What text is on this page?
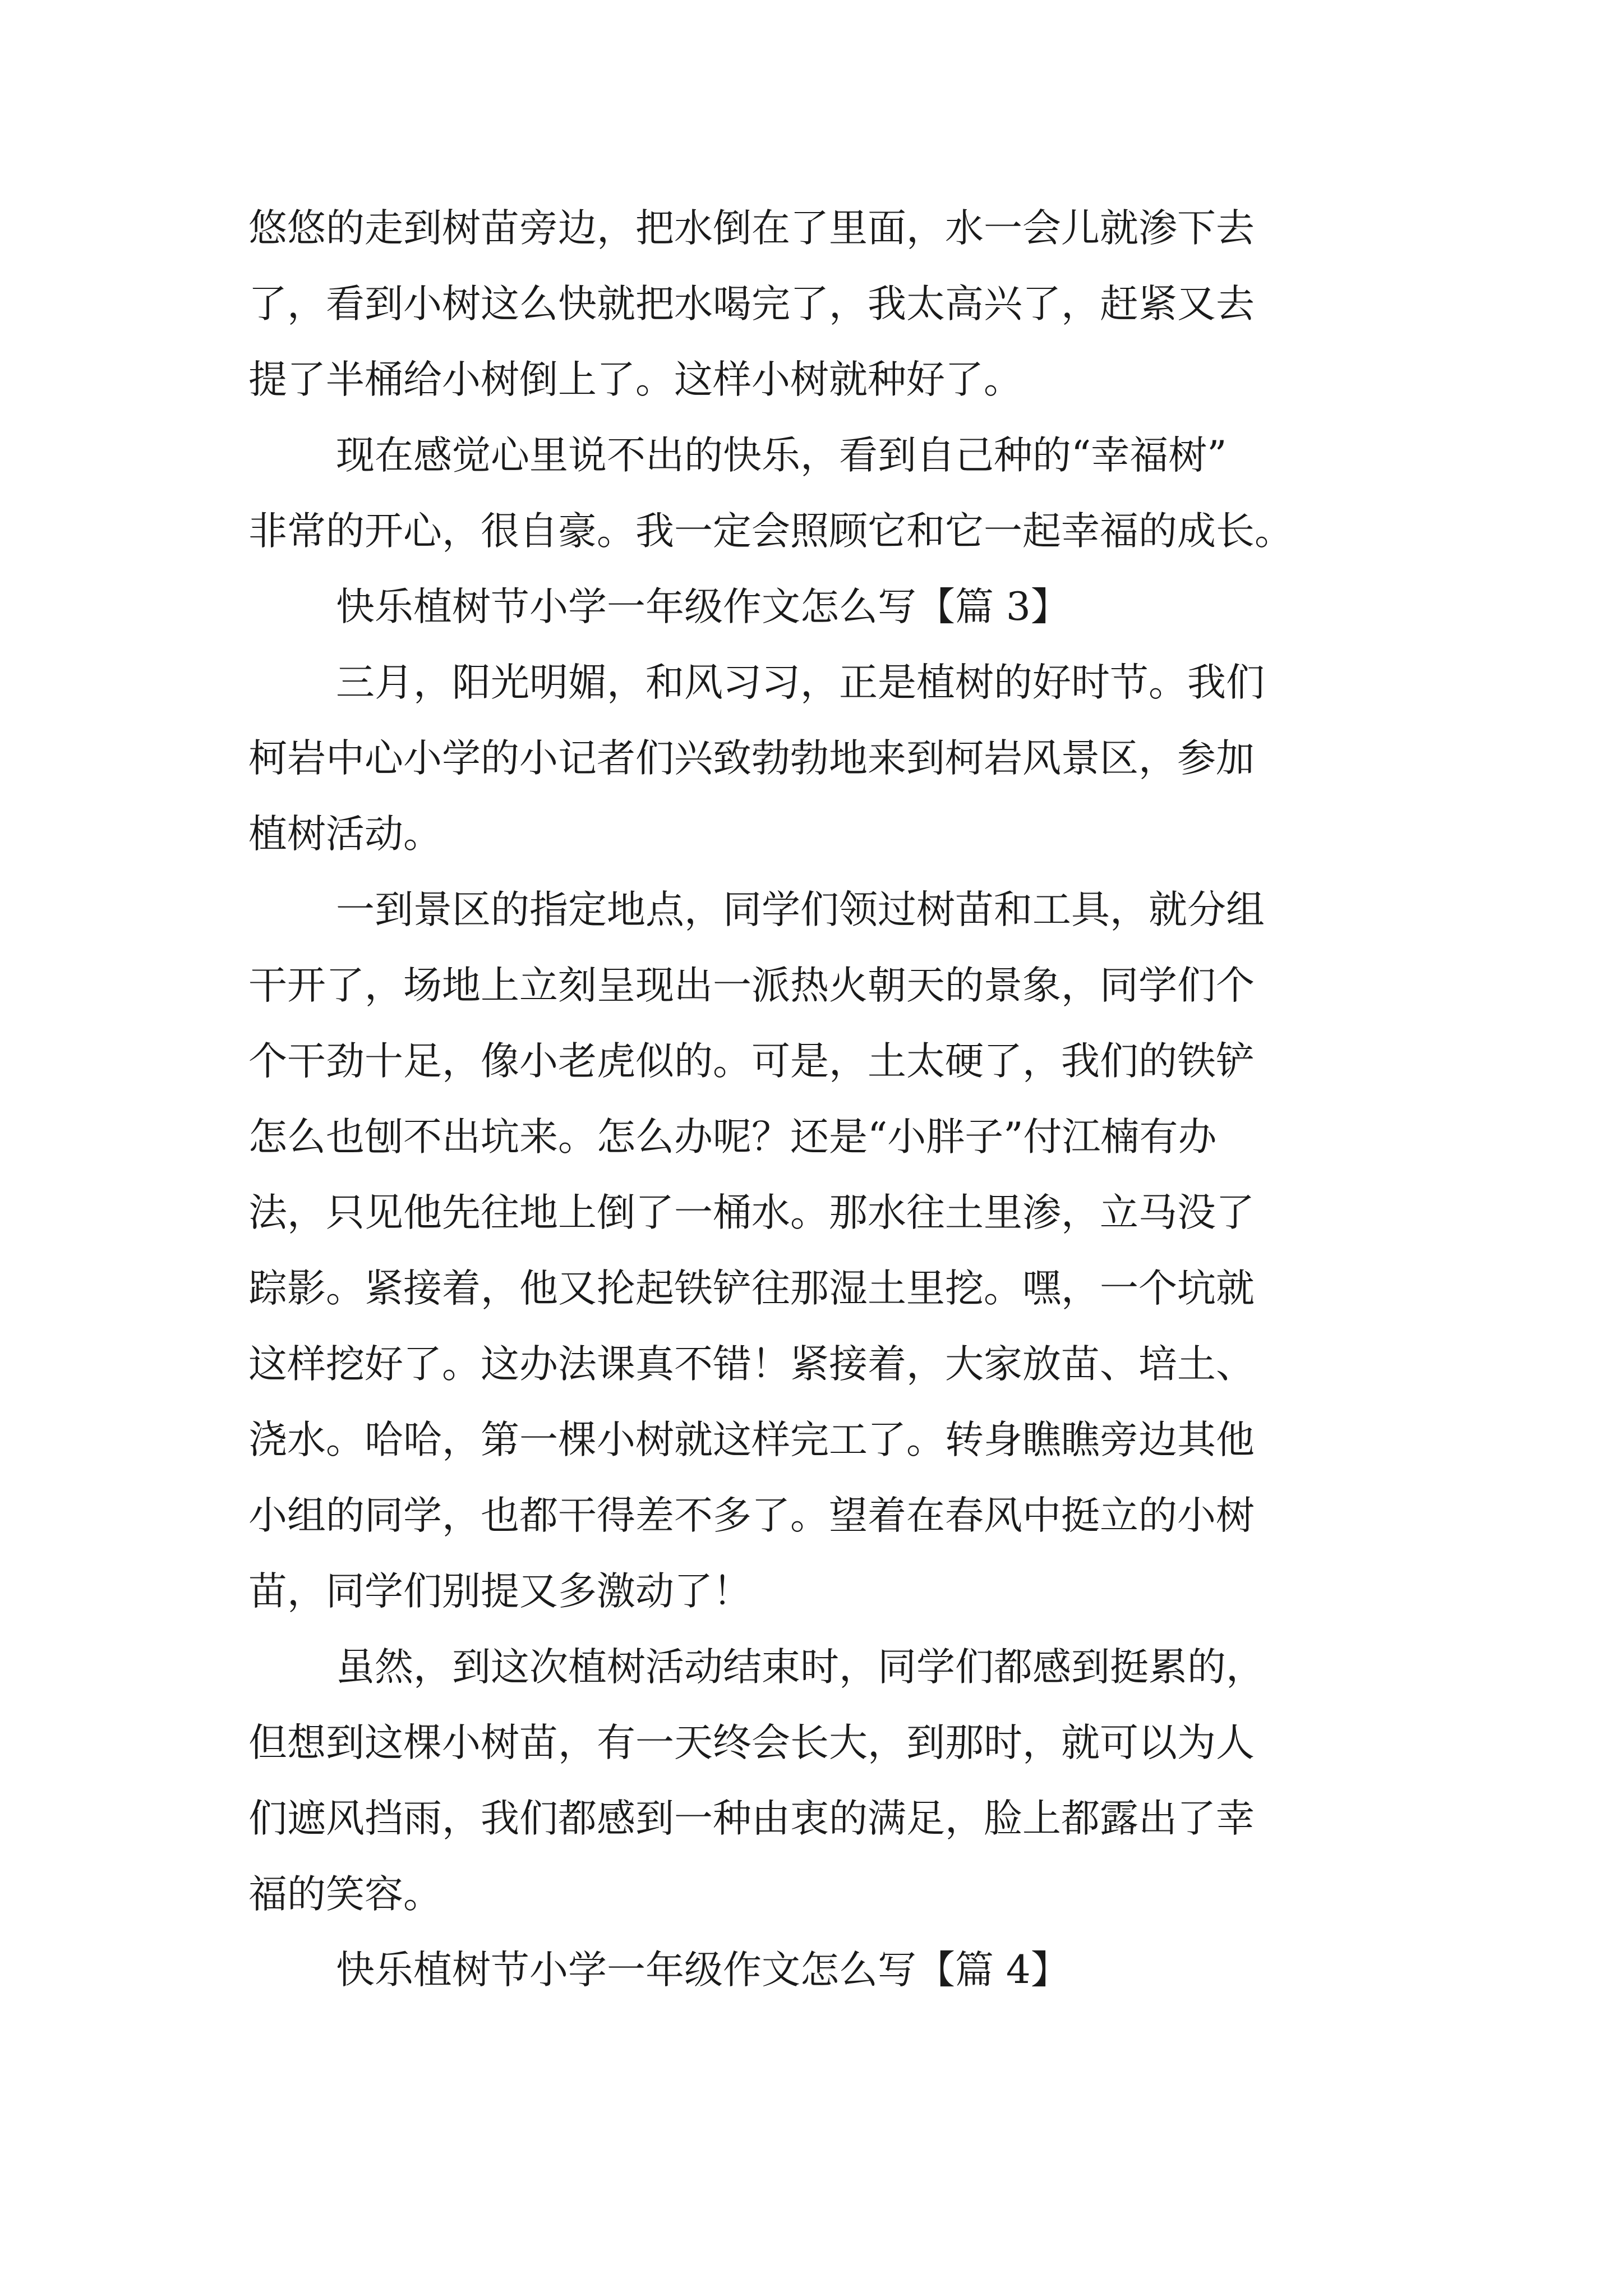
悠悠的走到树苗旁边，把水倒在了里面，水一会儿就渗下去
了，看到小树这么快就把水喝完了，我太高兴了，赶紧又去
提了半桶给小树倒上了。这样小树就种好了。
现在感觉心里说不出的快乐，看到自己种的“幸福树”
非常的开心，很自豪。我一定会照顾它和它一起幸福的成长。
快乐植树节小学一年级作文怎么写【篇 3】
三月，阳光明媚，和风习习，正是植树的好时节。我们
柯岩中心小学的小记者们兴致勃勃地来到柯岩风景区，参加
植树活动。
一到景区的指定地点，同学们领过树苗和工具，就分组
干开了，场地上立刻呈现出一派热火朝天的景象，同学们个
个干劲十足，像小老虎似的。可是，土太硬了，我们的铁铲
怎么也刨不出坑来。怎么办呢？还是“小胖子”付江楠有办
法，只见他先往地上倒了一桶水。那水往土里渗，立马没了
踪影。紧接着，他又抡起铁铲往那湿土里挖。嘿，一个坑就
这样挖好了。这办法课真不错！紧接着，大家放苗、培土、
浇水。哈哈，第一棵小树就这样完工了。转身瞧瞧旁边其他
小组的同学，也都干得差不多了。望着在春风中挺立的小树
苗，同学们别提又多激动了！
虽然，到这次植树活动结束时，同学们都感到挺累的，
但想到这棵小树苗，有一天终会长大，到那时，就可以为人
们遮风挡雨，我们都感到一种由衷的满足，脸上都露出了幸
福的笑容。
快乐植树节小学一年级作文怎么写【篇 4】
